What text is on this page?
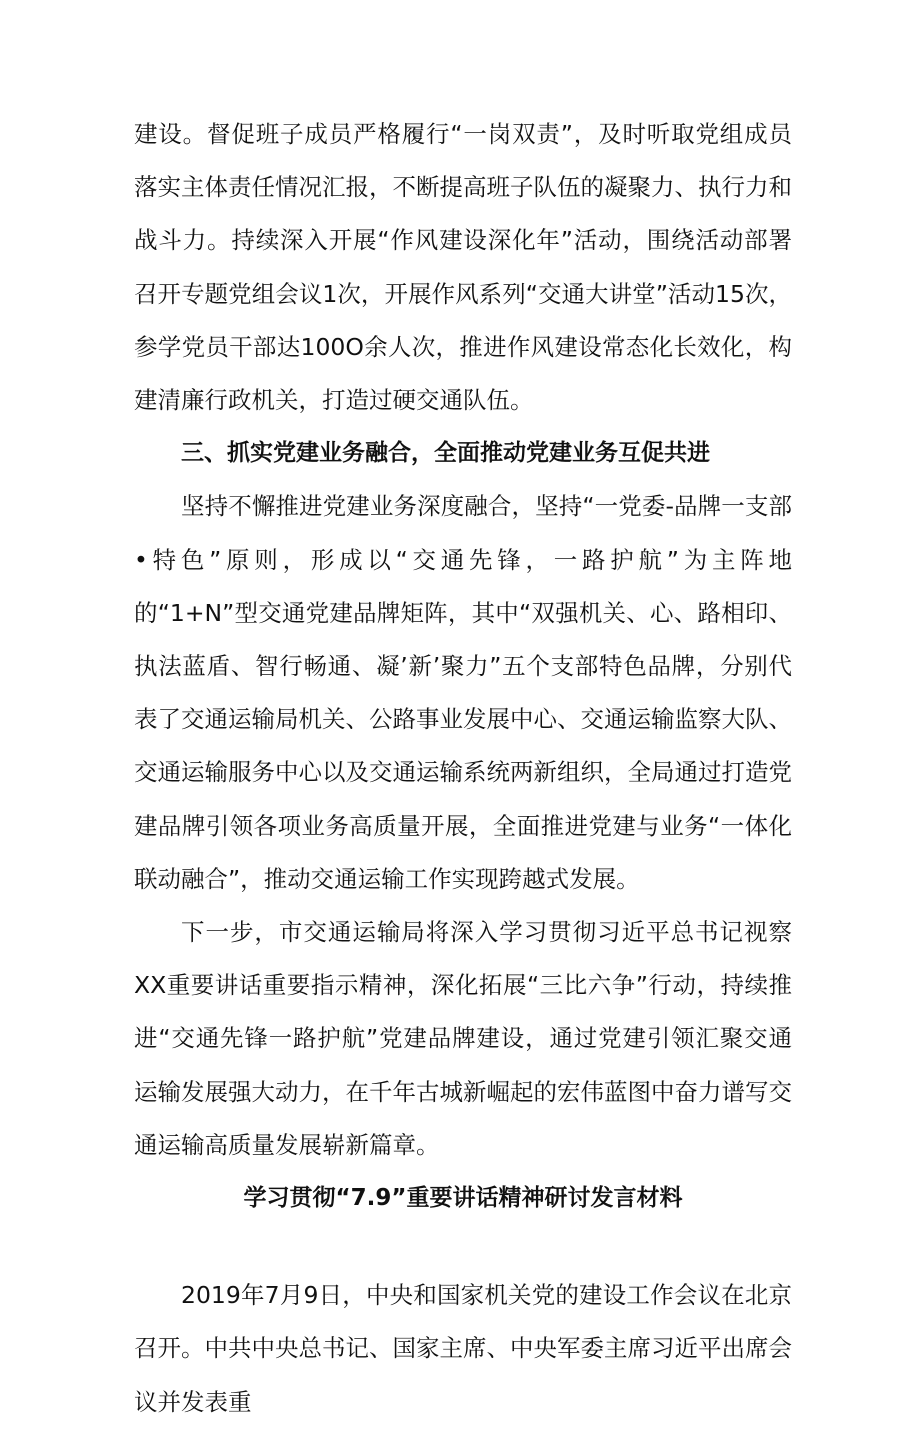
建设。督促班子成员严格履行“一岗双责”，及时听取党组成员落实主体责任情况汇报，不断提高班子队伍的凝聚力、执行力和战斗力。持续深入开展“作风建设深化年”活动，围绕活动部署召开专题党组会议1次，开展作风系列“交通大讲堂”活动15次，参学党员干部达100O余人次，推进作风建设常态化长效化，构建清廉行政机关，打造过硬交通队伍。

三、抓实党建业务融合，全面推动党建业务互促共进

坚持不懈推进党建业务深度融合，坚持“一党委-品牌一支部•特色”原则，形成以“交通先锋，一路护航”为主阵地的“1+N”型交通党建品牌矩阵，其中“双强机关、心、路相印、执法蓝盾、智行畅通、凝’新’聚力”五个支部特色品牌，分别代表了交通运输局机关、公路事业发展中心、交通运输监察大队、交通运输服务中心以及交通运输系统两新组织，全局通过打造党建品牌引领各项业务高质量开展，全面推进党建与业务“一体化联动融合”，推动交通运输工作实现跨越式发展。

下一步，市交通运输局将深入学习贯彻习近平总书记视察XX重要讲话重要指示精神，深化拓展“三比六争”行动，持续推进“交通先锋一路护航”党建品牌建设，通过党建引领汇聚交通运输发展强大动力，在千年古城新崛起的宏伟蓝图中奋力谱写交通运输高质量发展崭新篇章。

学习贯彻“7.9”重要讲话精神研讨发言材料

2019年7月9日，中央和国家机关党的建设工作会议在北京召开。中共中央总书记、国家主席、中央军委主席习近平出席会议并发表重
